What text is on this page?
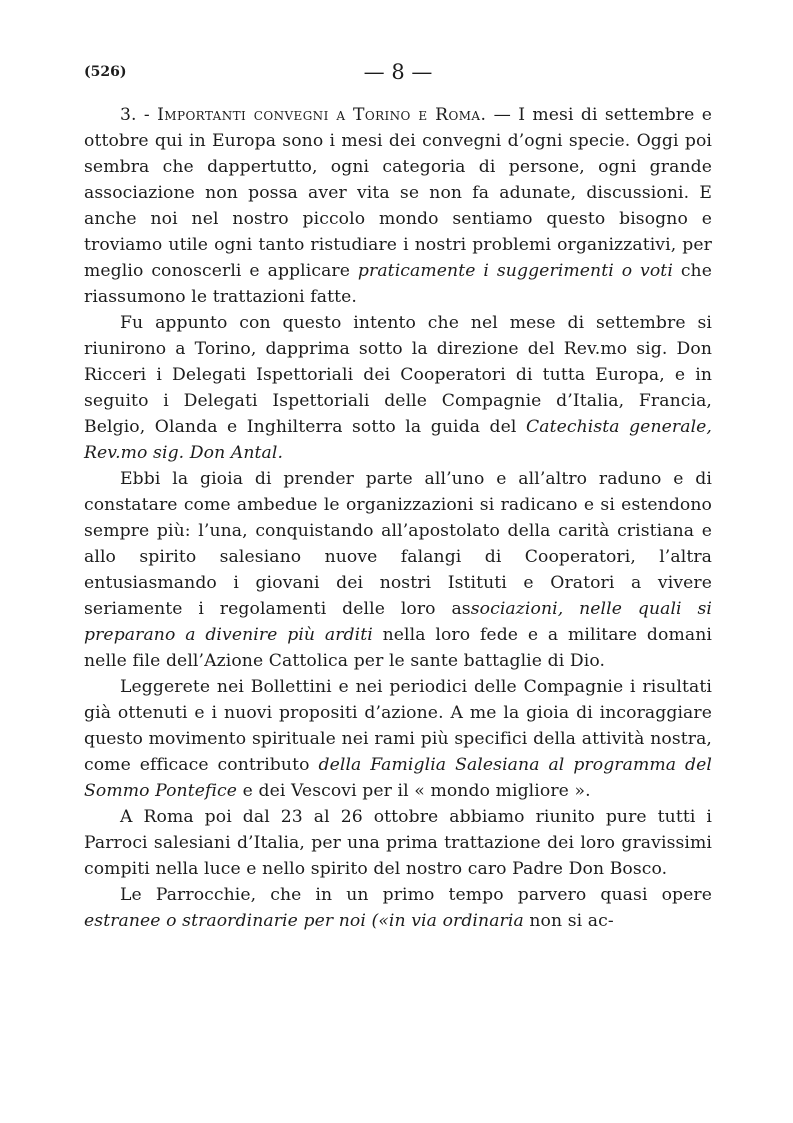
(526)	— 8 —

3. - Importanti convegni a Torino e Roma. — I mesi di settembre e ottobre qui in Europa sono i mesi dei convegni d’ogni specie. Oggi poi sembra che dappertutto, ogni categoria di persone, ogni grande associazione non possa aver vita se non fa adunate, discussioni. E anche noi nel nostro piccolo mondo sentiamo questo bisogno e troviamo utile ogni tanto ristudiare i nostri problemi organizzativi, per meglio conoscerli e applicare praticamente i suggerimenti o voti che riassumono le trattazioni fatte.

Fu appunto con questo intento che nel mese di settembre si riunirono a Torino, dapprima sotto la direzione del Rev.mo sig. Don Ricceri i Delegati Ispettoriali dei Cooperatori di tutta Europa, e in seguito i Delegati Ispettoriali delle Compagnie d’Italia, Francia, Belgio, Olanda e Inghilterra sotto la guida del Catechista generale, Rev.mo sig. Don Antal.

Ebbi la gioia di prender parte all’uno e all’altro raduno e di constatare come ambedue le organizzazioni si radicano e si estendono sempre più: l’una, conquistando all’apostolato della carità cristiana e allo spirito salesiano nuove falangi di Cooperatori, l’altra entusiasmando i giovani dei nostri Istituti e Oratori a vivere seriamente i regolamenti delle loro associazioni, nelle quali si preparano a divenire più arditi nella loro fede e a militare domani nelle file dell’Azione Cattolica per le sante battaglie di Dio.

Leggerete nei Bollettini e nei periodici delle Compagnie i risultati già ottenuti e i nuovi propositi d’azione. A me la gioia di incoraggiare questo movimento spirituale nei rami più specifici della attività nostra, come efficace contributo della Famiglia Salesiana al programma del Sommo Pontefice e dei Vescovi per il « mondo migliore ».

A Roma poi dal 23 al 26 ottobre abbiamo riunito pure tutti i Parroci salesiani d’Italia, per una prima trattazione dei loro gravissimi compiti nella luce e nello spirito del nostro caro Padre Don Bosco.

Le Parrocchie, che in un primo tempo parvero quasi opere estranee o straordinarie per noi («in via ordinaria non si ac-
